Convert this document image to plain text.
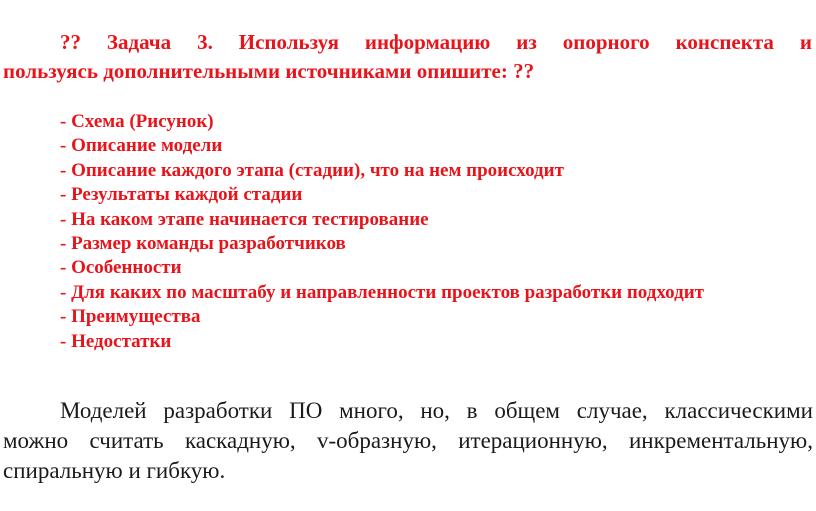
?? Задача 3. Используя информацию из опорного конспекта и
пользуясь дополнительными источниками опишите: ??
- Схема (Рисунок)
- Описание модели
- Описание каждого этапа (стадии), что на нем происходит
- Результаты каждой стадии
- На каком этапе начинается тестирование
- Размер команды разработчиков
- Особенности
- Для каких по масштабу и направленности проектов разработки подходит
- Преимущества
- Недостатки
Моделей разработки ПО много, но, в общем случае, классическими
можно считать каскадную, v-образную, итерационную, инкрементальную,
спиральную и гибкую.
